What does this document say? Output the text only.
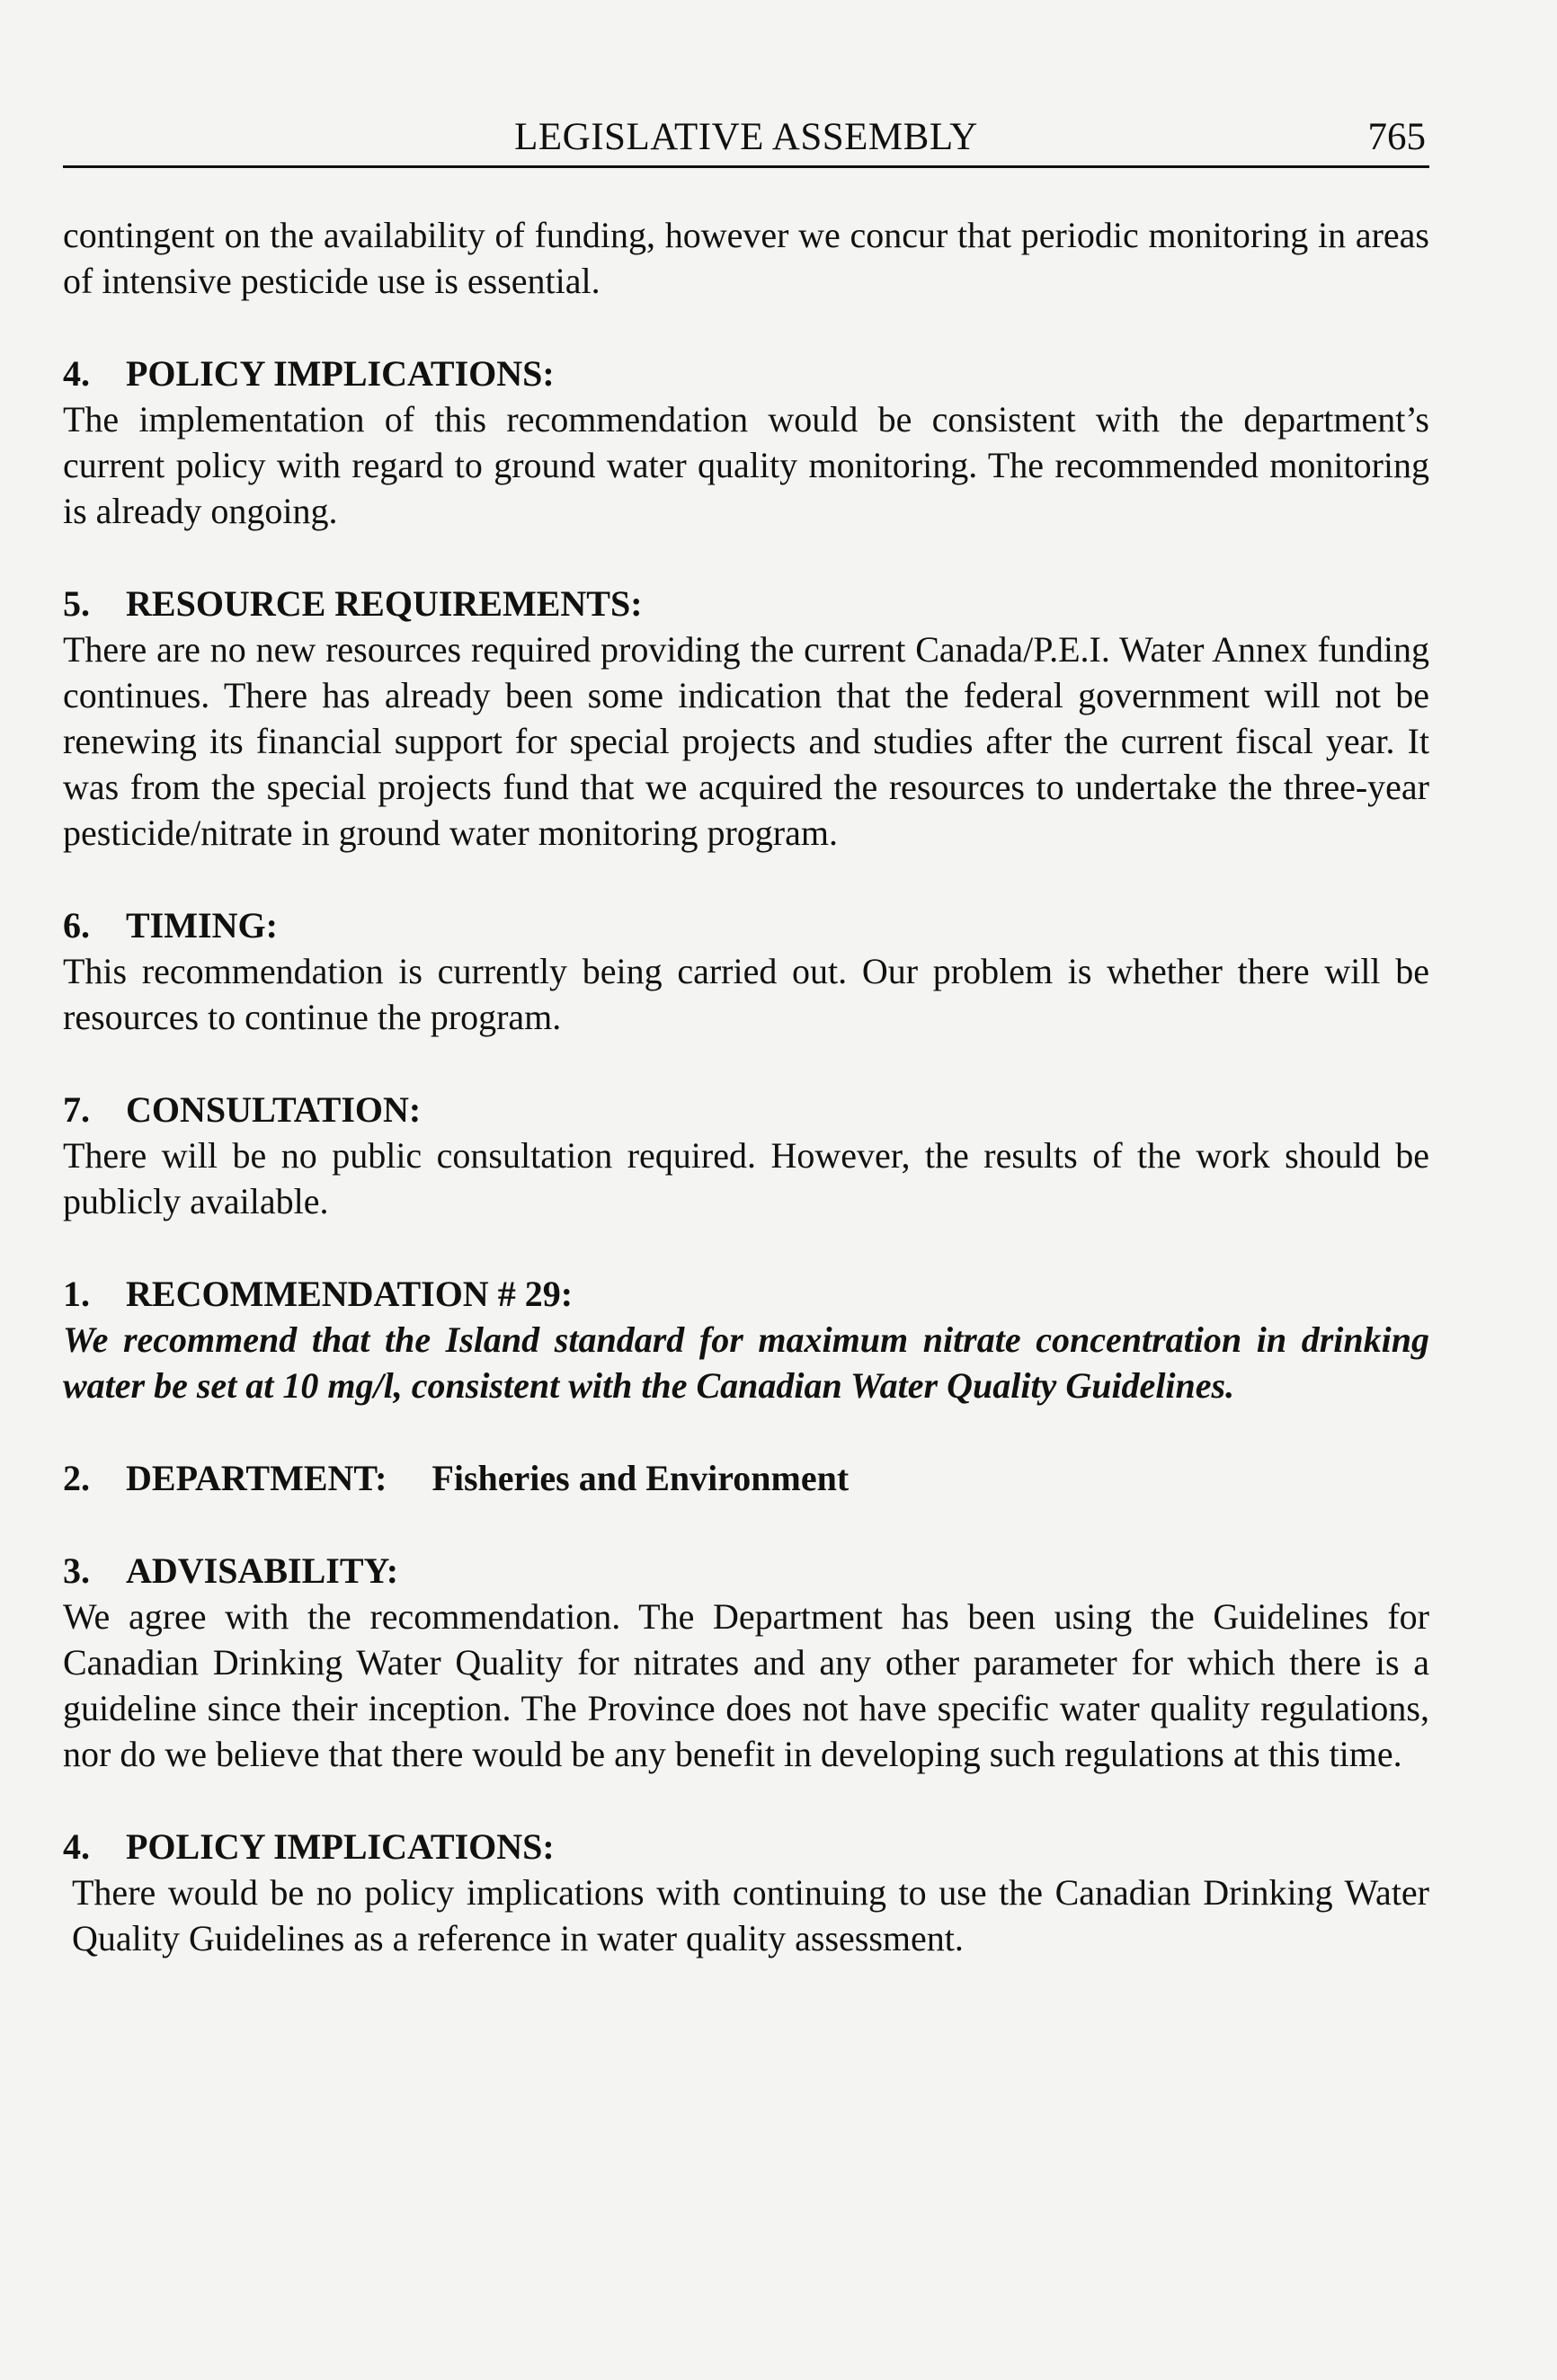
LEGISLATIVE ASSEMBLY	765

contingent on the availability of funding, however we concur that periodic monitoring in areas of intensive pesticide use is essential.

4. POLICY IMPLICATIONS:

The implementation of this recommendation would be consistent with the department’s current policy with regard to ground water quality monitoring. The recommended monitoring is already ongoing.

5. RESOURCE REQUIREMENTS:

There are no new resources required providing the current Canada/P.E.I. Water Annex funding continues. There has already been some indication that the federal government will not be renewing its financial support for special projects and studies after the current fiscal year. It was from the special projects fund that we acquired the resources to undertake the three-year pesticide/nitrate in ground water monitoring program.

6. TIMING:

This recommendation is currently being carried out. Our problem is whether there will be resources to continue the program.

7. CONSULTATION:

There will be no public consultation required. However, the results of the work should be publicly available.

1. RECOMMENDATION # 29:

We recommend that the Island standard for maximum nitrate concentration in drinking water be set at 10 mg/l, consistent with the Canadian Water Quality Guidelines.

2. DEPARTMENT: Fisheries and Environment

3. ADVISABILITY:

We agree with the recommendation. The Department has been using the Guidelines for Canadian Drinking Water Quality for nitrates and any other parameter for which there is a guideline since their inception. The Province does not have specific water quality regulations, nor do we believe that there would be any benefit in developing such regulations at this time.

4. POLICY IMPLICATIONS:

There would be no policy implications with continuing to use the Canadian Drinking Water Quality Guidelines as a reference in water quality assessment.
